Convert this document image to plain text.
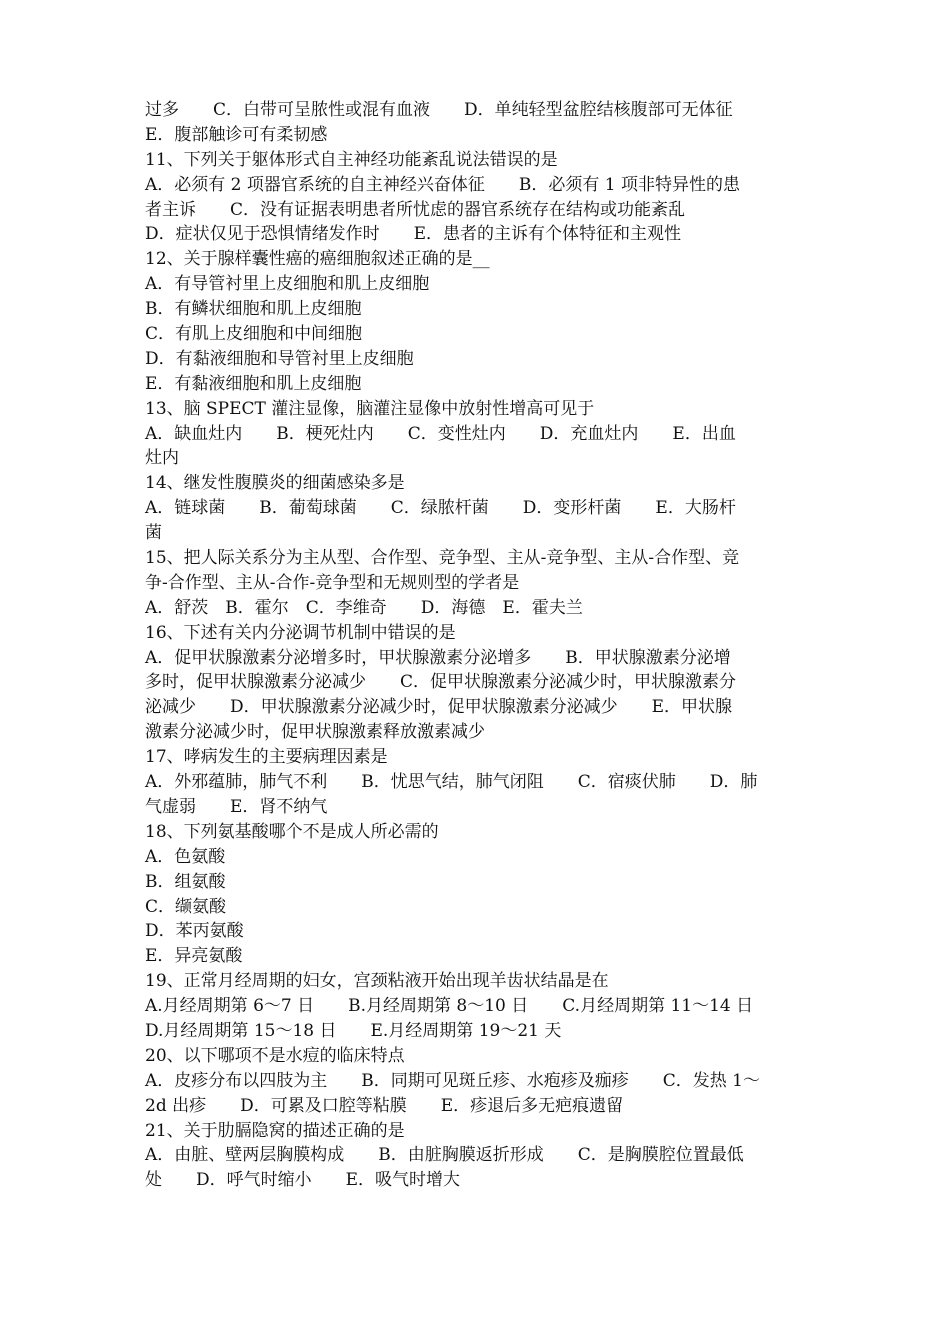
过多　　C．白带可呈脓性或混有血液　　D．单纯轻型盆腔结核腹部可无体征
E．腹部触诊可有柔韧感
11、下列关于躯体形式自主神经功能紊乱说法错误的是
A．必须有 2 项器官系统的自主神经兴奋体征　　B．必须有 1 项非特异性的患
者主诉　　C．没有证据表明患者所忧虑的器官系统存在结构或功能紊乱
D．症状仅见于恐惧情绪发作时　　E．患者的主诉有个体特征和主观性
12、关于腺样囊性癌的癌细胞叙述正确的是__
A．有导管衬里上皮细胞和肌上皮细胞
B．有鳞状细胞和肌上皮细胞
C．有肌上皮细胞和中间细胞
D．有黏液细胞和导管衬里上皮细胞
E．有黏液细胞和肌上皮细胞
13、脑 SPECT 灌注显像，脑灌注显像中放射性增高可见于
A．缺血灶内　　B．梗死灶内　　C．变性灶内　　D．充血灶内　　E．出血
灶内
14、继发性腹膜炎的细菌感染多是
A．链球菌　　B．葡萄球菌　　C．绿脓杆菌　　D．变形杆菌　　E．大肠杆
菌
15、把人际关系分为主从型、合作型、竞争型、主从-竞争型、主从-合作型、竞
争-合作型、主从-合作-竞争型和无规则型的学者是
A．舒茨　B．霍尔　C．李维奇　　D．海德　E．霍夫兰
16、下述有关内分泌调节机制中错误的是
A．促甲状腺激素分泌增多时，甲状腺激素分泌增多　　B．甲状腺激素分泌增
多时，促甲状腺激素分泌减少　　C．促甲状腺激素分泌减少时，甲状腺激素分
泌减少　　D．甲状腺激素分泌减少时，促甲状腺激素分泌减少　　E．甲状腺
激素分泌减少时，促甲状腺激素释放激素减少
17、哮病发生的主要病理因素是
A．外邪蕴肺，肺气不利　　B．忧思气结，肺气闭阻　　C．宿痰伏肺　　D．肺
气虚弱　　E．肾不纳气
18、下列氨基酸哪个不是成人所必需的
A．色氨酸
B．组氨酸
C．缬氨酸
D．苯丙氨酸
E．异亮氨酸
19、正常月经周期的妇女，宫颈粘液开始出现羊齿状结晶是在
A.月经周期第 6～7 日　　B.月经周期第 8～10 日　　C.月经周期第 11～14 日
D.月经周期第 15～18 日　　E.月经周期第 19～21 天
20、以下哪项不是水痘的临床特点
A．皮疹分布以四肢为主　　B．同期可见斑丘疹、水疱疹及痂疹　　C．发热 1～
2d 出疹　　D．可累及口腔等粘膜　　E．疹退后多无疤痕遗留
21、关于肋膈隐窝的描述正确的是
A．由脏、壁两层胸膜构成　　B．由脏胸膜返折形成　　C．是胸膜腔位置最低
处　　D．呼气时缩小　　E．吸气时增大
